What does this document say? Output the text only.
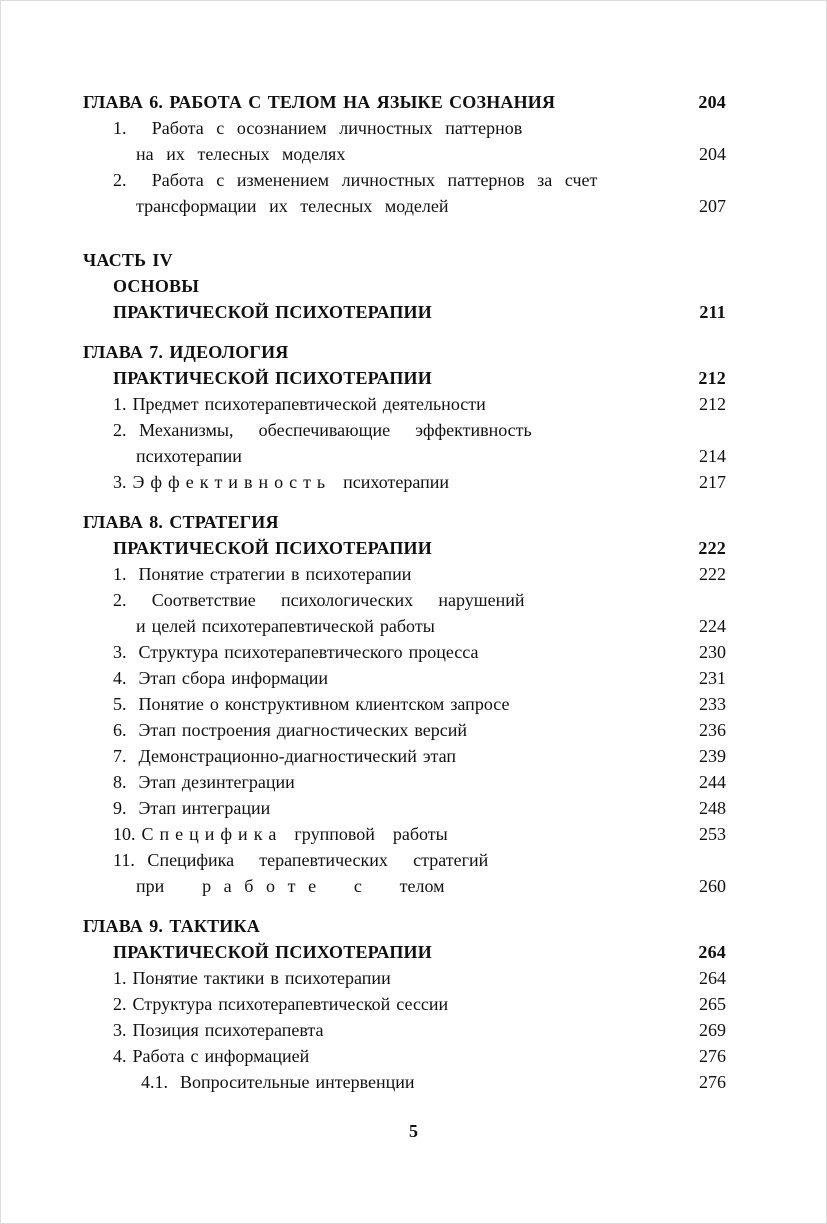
ГЛАВА 6. РАБОТА С ТЕЛОМ НА ЯЗЫКЕ СОЗНАНИЯ	204
1.  Работа с осознанием личностных паттернов
на их телесных моделях	204
2.  Работа с изменением личностных паттернов за счет
трансформации их телесных моделей	207
ЧАСТЬ IV
ОСНОВЫ
ПРАКТИЧЕСКОЙ ПСИХОТЕРАПИИ	211
ГЛАВА 7. ИДЕОЛОГИЯ
ПРАКТИЧЕСКОЙ ПСИХОТЕРАПИИ	212
1. Предмет психотерапевтической деятельности	212
2. Механизмы,  обеспечивающие  эффективность
психотерапии	214
3. Э ф ф е к т и в н о с т ь   психотерапии	217
ГЛАВА 8. СТРАТЕГИЯ
ПРАКТИЧЕСКОЙ ПСИХОТЕРАПИИ	222
1.  Понятие стратегии в психотерапии	222
2.  Соответствие  психологических  нарушений
и целей психотерапевтической работы	224
3.  Структура психотерапевтического процесса	230
4.  Этап сбора информации	231
5.  Понятие о конструктивном клиентском запросе	233
6.  Этап построения диагностических версий	236
7.  Демонстрационно-диагностический этап	239
8.  Этап дезинтеграции	244
9.  Этап интеграции	248
10. С п е ц и ф и к а   групповой   работы	253
11. Специфика  терапевтических  стратегий
при   р а б о т е   с   телом	260
ГЛАВА 9. ТАКТИКА
ПРАКТИЧЕСКОЙ ПСИХОТЕРАПИИ	264
1. Понятие тактики в психотерапии	264
2. Структура психотерапевтической сессии	265
3. Позиция психотерапевта	269
4. Работа с информацией	276
4.1.  Вопросительные интервенции	276
5
